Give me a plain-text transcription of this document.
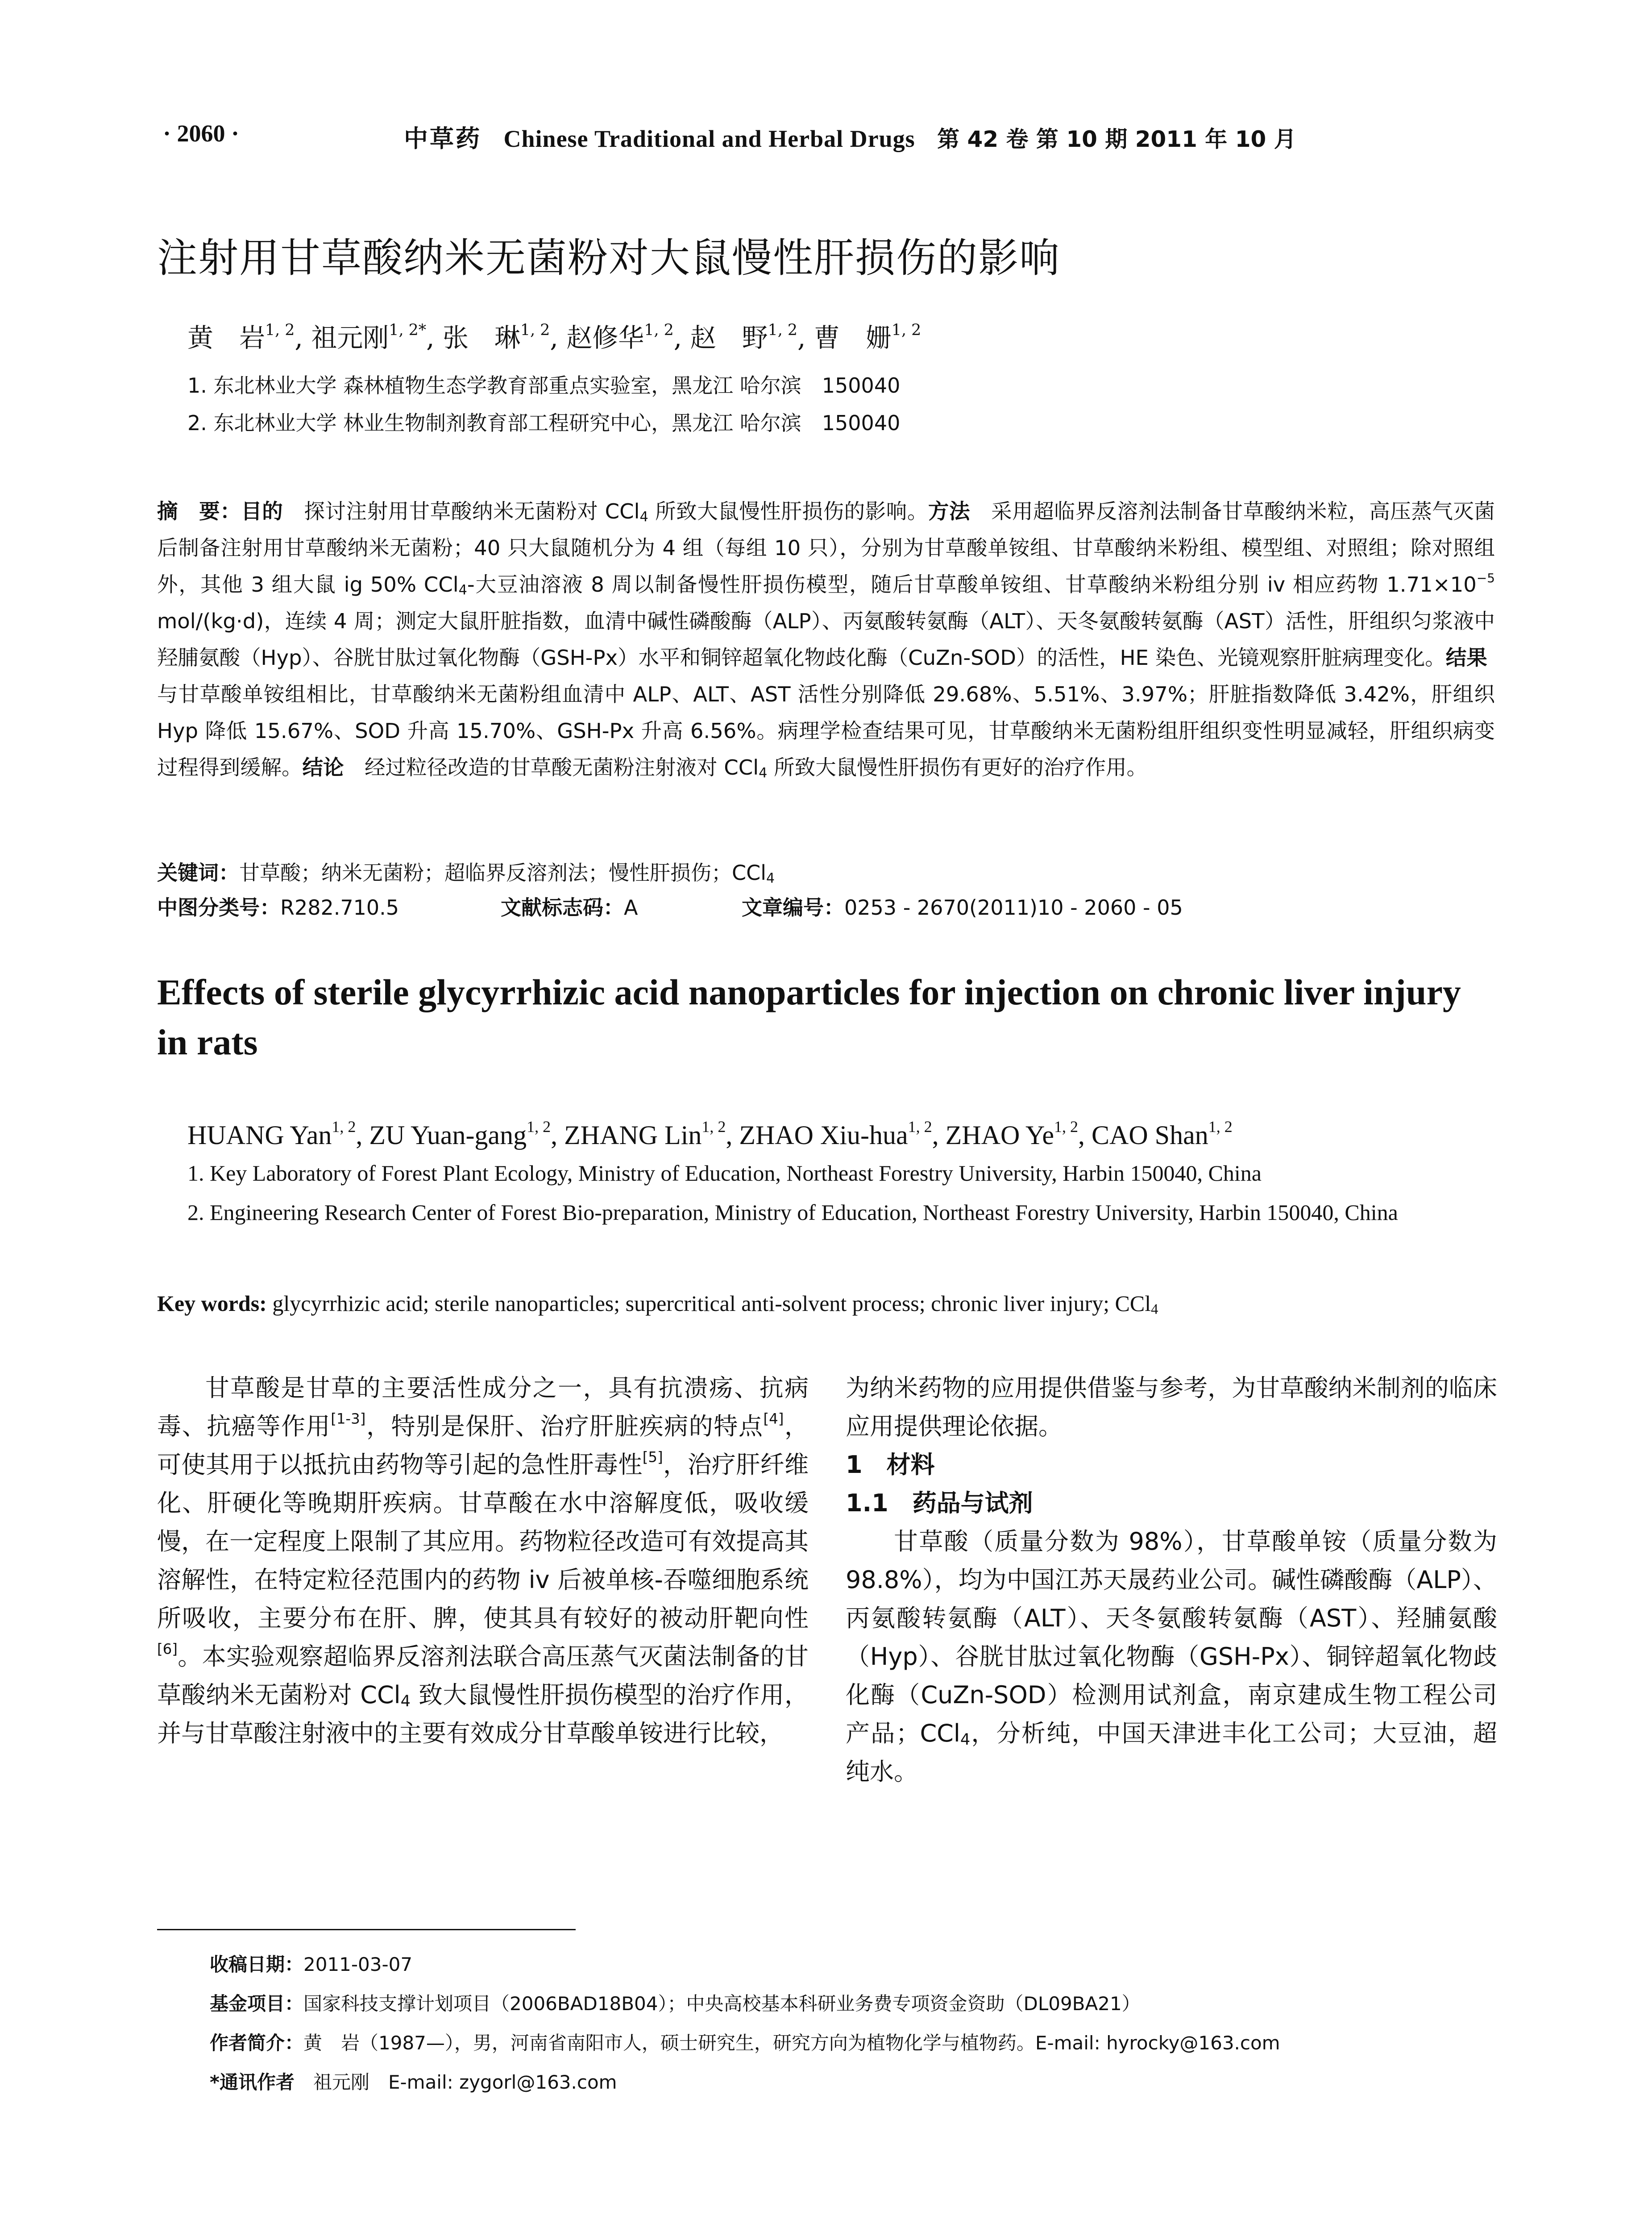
· 2060 ·	中草药 Chinese Traditional and Herbal Drugs 第 42 卷 第 10 期 2011 年 10 月
注射用甘草酸纳米无菌粉对大鼠慢性肝损伤的影响
黄　岩$^{1, 2}$, 祖元刚$^{1, 2*}$, 张　琳$^{1, 2}$, 赵修华$^{1, 2}$, 赵　野$^{1, 2}$, 曹　姗$^{1, 2}$
1. 东北林业大学 森林植物生态学教育部重点实验室，黑龙江 哈尔滨　150040
2. 东北林业大学 林业生物制剂教育部工程研究中心，黑龙江 哈尔滨　150040
摘　要：目的　探讨注射用甘草酸纳米无菌粉对 CCl$_4$ 所致大鼠慢性肝损伤的影响。方法　采用超临界反溶剂法制备甘草酸纳米粒，高压蒸气灭菌后制备注射用甘草酸纳米无菌粉；40 只大鼠随机分为 4 组（每组 10 只），分别为甘草酸单铵组、甘草酸纳米粉组、模型组、对照组；除对照组外，其他 3 组大鼠 ig 50% CCl$_4$-大豆油溶液 8 周以制备慢性肝损伤模型，随后甘草酸单铵组、甘草酸纳米粉组分别 iv 相应药物 $1.71\times 10^{-5}$ mol/(kg·d)，连续 4 周；测定大鼠肝脏指数，血清中碱性磷酸酶（ALP）、丙氨酸转氨酶（ALT）、天冬氨酸转氨酶（AST）活性，肝组织匀浆液中羟脯氨酸（Hyp）、谷胱甘肽过氧化物酶（GSH-Px）水平和铜锌超氧化物歧化酶（CuZn-SOD）的活性，HE 染色、光镜观察肝脏病理变化。结果　与甘草酸单铵组相比，甘草酸纳米无菌粉组血清中 ALP、ALT、AST 活性分别降低 29.68%、5.51%、3.97%；肝脏指数降低 3.42%，肝组织 Hyp 降低 15.67%、SOD 升高 15.70%、GSH-Px 升高 6.56%。病理学检查结果可见，甘草酸纳米无菌粉组肝组织变性明显减轻，肝组织病变过程得到缓解。结论　经过粒径改造的甘草酸无菌粉注射液对 CCl$_4$ 所致大鼠慢性肝损伤有更好的治疗作用。
关键词：甘草酸；纳米无菌粉；超临界反溶剂法；慢性肝损伤；CCl$_4$
中图分类号：R282.710.5	文献标志码：A	文章编号：0253 - 2670(2011)10 - 2060 - 05
Effects of sterile glycyrrhizic acid nanoparticles for injection on chronic liver injury in rats
HUANG Yan$^{1, 2}$, ZU Yuan-gang$^{1, 2}$, ZHANG Lin$^{1, 2}$, ZHAO Xiu-hua$^{1, 2}$, ZHAO Ye$^{1, 2}$, CAO Shan$^{1, 2}$
1. Key Laboratory of Forest Plant Ecology, Ministry of Education, Northeast Forestry University, Harbin 150040, China
2. Engineering Research Center of Forest Bio-preparation, Ministry of Education, Northeast Forestry University, Harbin 150040, China
Key words: glycyrrhizic acid; sterile nanoparticles; supercritical anti-solvent process; chronic liver injury; CCl$_4$

甘草酸是甘草的主要活性成分之一，具有抗溃疡、抗病毒、抗癌等作用[1-3]，特别是保肝、治疗肝脏疾病的特点[4]，可使其用于以抵抗由药物等引起的急性肝毒性[5]，治疗肝纤维化、肝硬化等晚期肝疾病。甘草酸在水中溶解度低，吸收缓慢，在一定程度上限制了其应用。药物粒径改造可有效提高其溶解性，在特定粒径范围内的药物 iv 后被单核-吞噬细胞系统所吸收，主要分布在肝、脾，使其具有较好的被动肝靶向性[6]。本实验观察超临界反溶剂法联合高压蒸气灭菌法制备的甘草酸纳米无菌粉对 CCl$_4$ 致大鼠慢性肝损伤模型的治疗作用，并与甘草酸注射液中的主要有效成分甘草酸单铵进行比较，

为纳米药物的应用提供借鉴与参考，为甘草酸纳米制剂的临床应用提供理论依据。

1　材料

1.1　药品与试剂

甘草酸（质量分数为 98%），甘草酸单铵（质量分数为 98.8%），均为中国江苏天晟药业公司。碱性磷酸酶（ALP）、丙氨酸转氨酶（ALT）、天冬氨酸转氨酶（AST）、羟脯氨酸（Hyp）、谷胱甘肽过氧化物酶（GSH-Px）、铜锌超氧化物歧化酶（CuZn-SOD）检测用试剂盒，南京建成生物工程公司产品；CCl$_4$，分析纯，中国天津进丰化工公司；大豆油，超纯水。

收稿日期：2011-03-07
基金项目：国家科技支撑计划项目（2006BAD18B04）；中央高校基本科研业务费专项资金资助（DL09BA21）
作者简介：黄　岩（1987—），男，河南省南阳市人，硕士研究生，研究方向为植物化学与植物药。E-mail: hyrocky@163.com
*通讯作者　祖元刚　E-mail: zygorl@163.com
